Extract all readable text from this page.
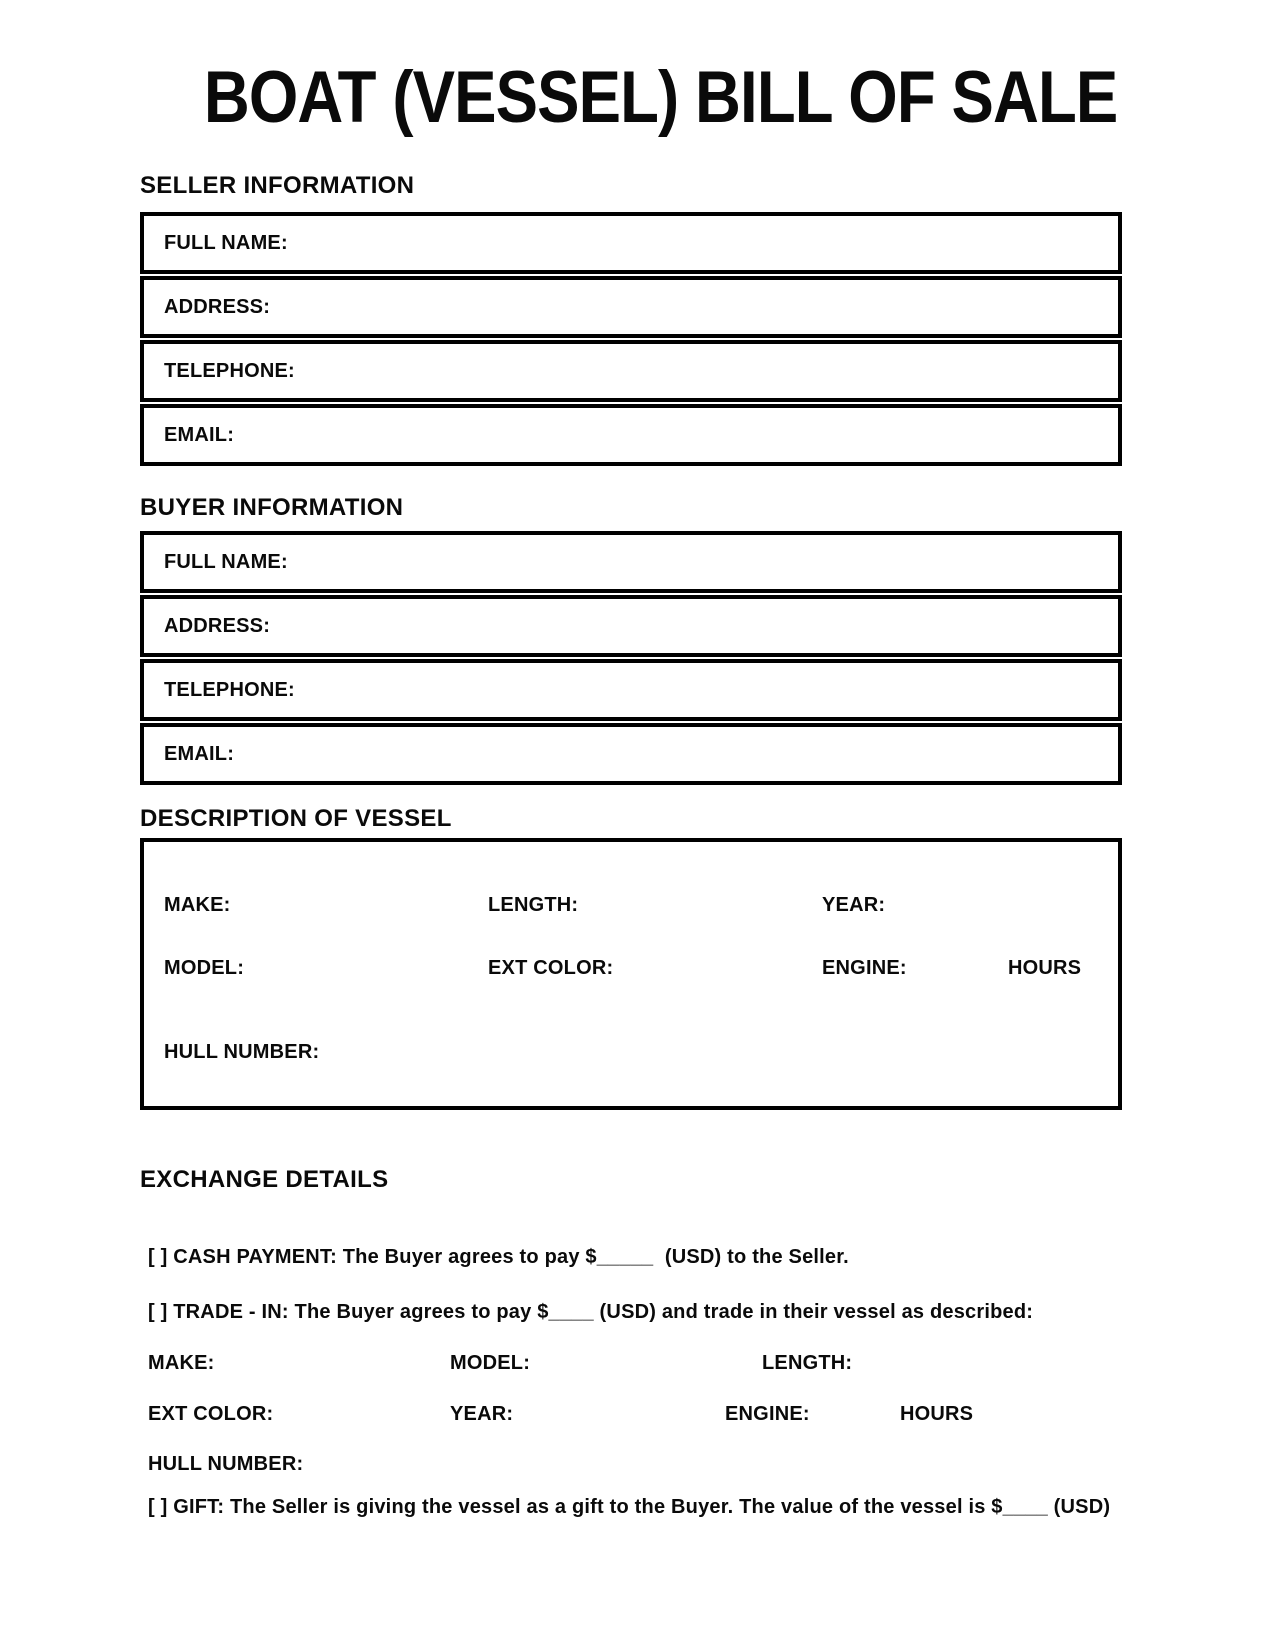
BOAT (VESSEL) BILL OF SALE
SELLER INFORMATION
FULL NAME:
ADDRESS:
TELEPHONE:
EMAIL:
BUYER INFORMATION
FULL NAME:
ADDRESS:
TELEPHONE:
EMAIL:
DESCRIPTION OF VESSEL
MAKE:	LENGTH:	YEAR:
MODEL:	EXT COLOR:	ENGINE:	HOURS
HULL NUMBER:
EXCHANGE DETAILS
[ ] CASH PAYMENT: The Buyer agrees to pay $_____  (USD) to the Seller.
[ ] TRADE - IN: The Buyer agrees to pay $____ (USD) and trade in their vessel as described:
MAKE:	MODEL:	LENGTH:
EXT COLOR:	YEAR:	ENGINE:	HOURS
HULL NUMBER:
[ ] GIFT: The Seller is giving the vessel as a gift to the Buyer. The value of the vessel is $____ (USD)
